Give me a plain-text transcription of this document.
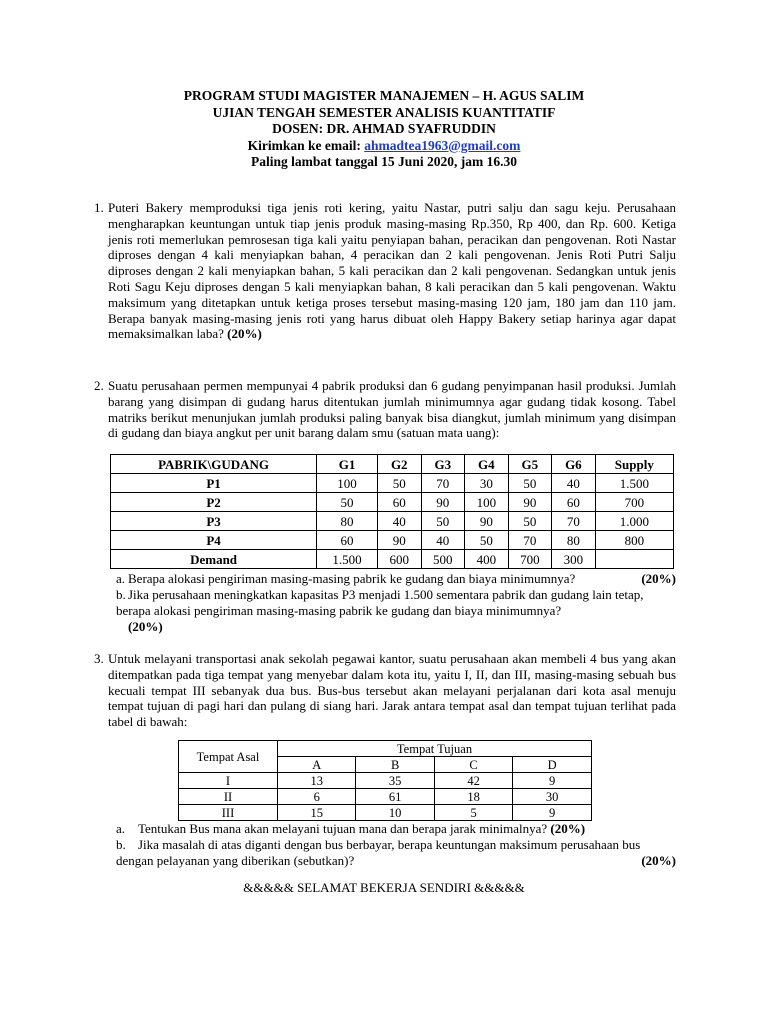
PROGRAM STUDI MAGISTER MANAJEMEN – H. AGUS SALIM
UJIAN TENGAH SEMESTER ANALISIS KUANTITATIF
DOSEN: DR. AHMAD SYAFRUDDIN
Kirimkan ke email: ahmadtea1963@gmail.com
Paling lambat tanggal 15 Juni 2020, jam 16.30
1. Puteri Bakery memproduksi tiga jenis roti kering, yaitu Nastar, putri salju dan sagu keju. Perusahaan mengharapkan keuntungan untuk tiap jenis produk masing-masing Rp.350, Rp 400, dan Rp. 600. Ketiga jenis roti memerlukan pemrosesan tiga kali yaitu penyiapan bahan, peracikan dan pengovenan. Roti Nastar diproses dengan 4 kali menyiapkan bahan, 4 peracikan dan 2 kali pengovenan. Jenis Roti Putri Salju diproses dengan 2 kali menyiapkan bahan, 5 kali peracikan dan 2 kali pengovenan. Sedangkan untuk jenis Roti Sagu Keju diproses dengan 5 kali menyiapkan bahan, 8 kali peracikan dan 5 kali pengovenan. Waktu maksimum yang ditetapkan untuk ketiga proses tersebut masing-masing 120 jam, 180 jam dan 110 jam. Berapa banyak masing-masing jenis roti yang harus dibuat oleh Happy Bakery setiap harinya agar dapat memaksimalkan laba? (20%)
2. Suatu perusahaan permen mempunyai 4 pabrik produksi dan 6 gudang penyimpanan hasil produksi. Jumlah barang yang disimpan di gudang harus ditentukan jumlah minimumnya agar gudang tidak kosong. Tabel matriks berikut menunjukan jumlah produksi paling banyak bisa diangkut, jumlah minimum yang disimpan di gudang dan biaya angkut per unit barang dalam smu (satuan mata uang):
PABRIK\GUDANG	G1	G2	G3	G4	G5	G6	Supply
P1	100	50	70	30	50	40	1.500
P2	50	60	90	100	90	60	700
P3	80	40	50	90	50	70	1.000
P4	60	90	40	50	70	80	800
Demand	1.500	600	500	400	700	300	
a. Berapa alokasi pengiriman masing-masing pabrik ke gudang dan biaya minimumnya?	(20%)
b. Jika perusahaan meningkatkan kapasitas P3 menjadi 1.500 sementara pabrik dan gudang lain tetap, berapa alokasi pengiriman masing-masing pabrik ke gudang dan biaya minimumnya?
(20%)
3. Untuk melayani transportasi anak sekolah pegawai kantor, suatu perusahaan akan membeli 4 bus yang akan ditempatkan pada tiga tempat yang menyebar dalam kota itu, yaitu I, II, dan III, masing-masing sebuah bus kecuali tempat III sebanyak dua bus. Bus-bus tersebut akan melayani perjalanan dari kota asal menuju tempat tujuan di pagi hari dan pulang di siang hari. Jarak antara tempat asal dan tempat tujuan terlihat pada tabel di bawah:
Tempat Asal	Tempat Tujuan			
	A	B	C	D
I	13	35	42	9
II	6	61	18	30
III	15	10	5	9
a. Tentukan Bus mana akan melayani tujuan mana dan berapa jarak minimalnya? (20%)
b. Jika masalah di atas diganti dengan bus berbayar, berapa keuntungan maksimum perusahaan bus dengan pelayanan yang diberikan (sebutkan)?	(20%)
&&&&& SELAMAT BEKERJA SENDIRI &&&&&
